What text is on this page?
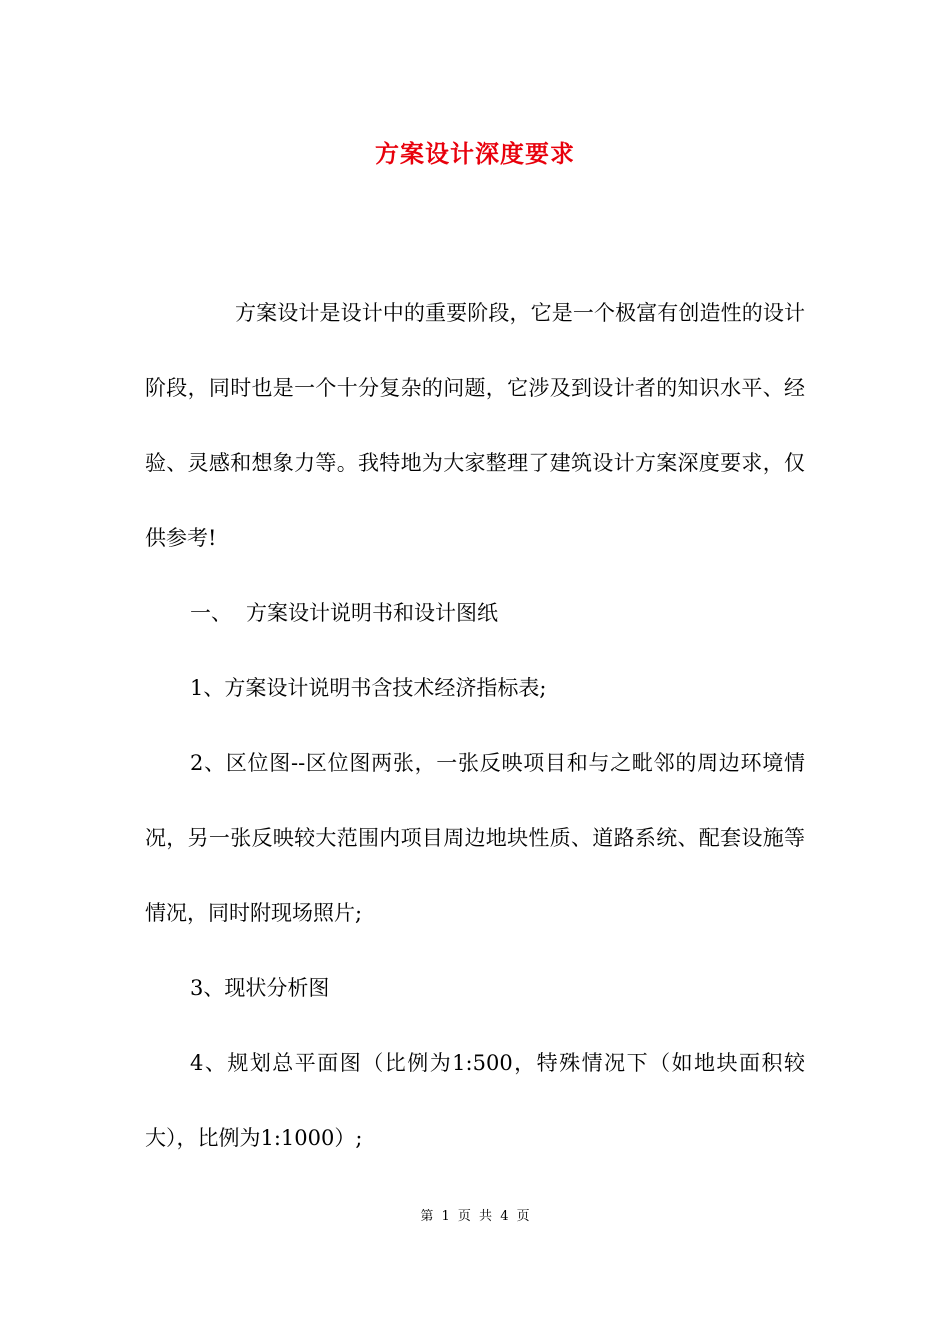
方案设计深度要求

方案设计是设计中的重要阶段，它是一个极富有创造性的设计阶段，同时也是一个十分复杂的问题，它涉及到设计者的知识水平、经验、灵感和想象力等。我特地为大家整理了建筑设计方案深度要求，仅供参考!

一、 方案设计说明书和设计图纸

1、方案设计说明书含技术经济指标表;

2、区位图--区位图两张，一张反映项目和与之毗邻的周边环境情况，另一张反映较大范围内项目周边地块性质、道路系统、配套设施等情况，同时附现场照片;

3、现状分析图

4、规划总平面图（比例为1:500，特殊情况下（如地块面积较大），比例为1:1000）;

第 1 页 共 4 页
